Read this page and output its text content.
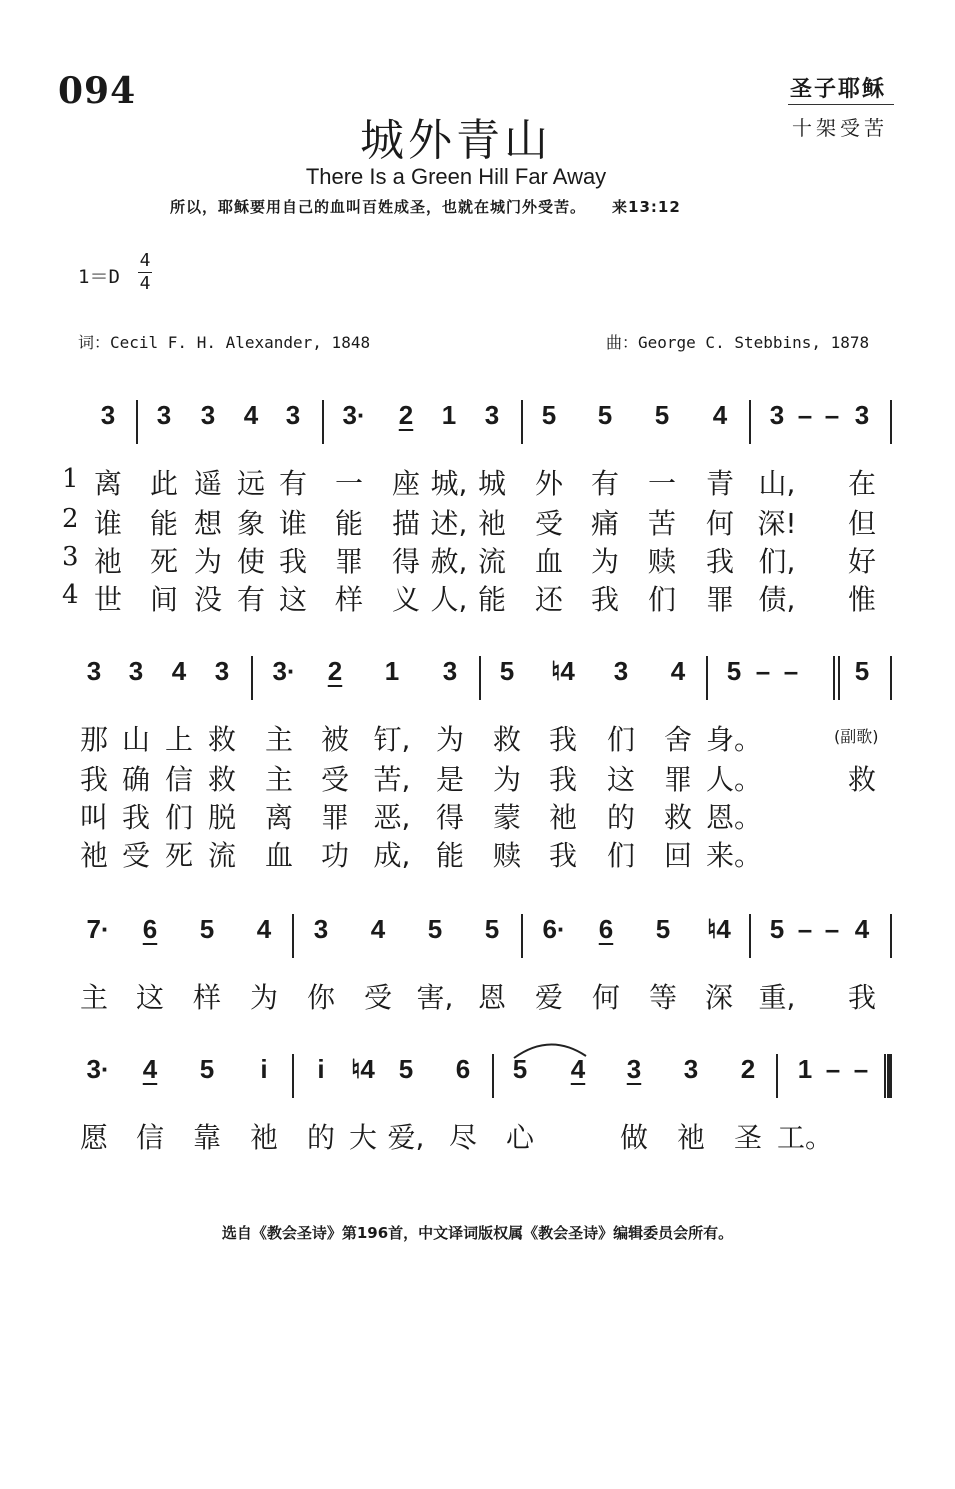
094	圣子耶稣
十架受苦
城外青山
There Is a Green Hill Far Away
所以，耶稣要用自己的血叫百姓成圣，也就在城门外受苦。 来13:12
1＝D
4
4
词：Cecil F. H. Alexander, 1848	曲：George C. Stebbins, 1878
3 3 3 4 3 3· 2 1 3 5 5 5 4 3 – – 3
1 离 此 遥 远 有 一 座 城, 城 外 有 一 青 山, 在
2 谁 能 想 象 谁 能 描 述, 祂 受 痛 苦 何 深! 但
3 祂 死 为 使 我 罪 得 赦, 流 血 为 赎 我 们, 好
4 世 间 没 有 这 样 义 人, 能 还 我 们 罪 债, 惟
3 3 4 3 3· 2 1 3 5 ♮4 3 4 5 – – 5
(副歌)
那 山 上 救 主 被 钉, 为 救 我 们 舍 身。
我 确 信 救 主 受 苦, 是 为 我 这 罪 人。	救
叫 我 们 脱 离 罪 恶, 得 蒙 祂 的 救 恩。
祂 受 死 流 血 功 成, 能 赎 我 们 回 来。
7· 6 5 4 3 4 5 5 6· 6 5 ♮4 5 – – 4
主 这 样 为 你 受 害, 恩 爱 何 等 深 重, 我
3· 4 5 i i ♮4 5 6 5 4 3 3 2 1 – –
愿 信 靠 祂 的 大 爱, 尽 心	做 祂 圣 工。
选自《教会圣诗》第196首，中文译词版权属《教会圣诗》编辑委员会所有。
